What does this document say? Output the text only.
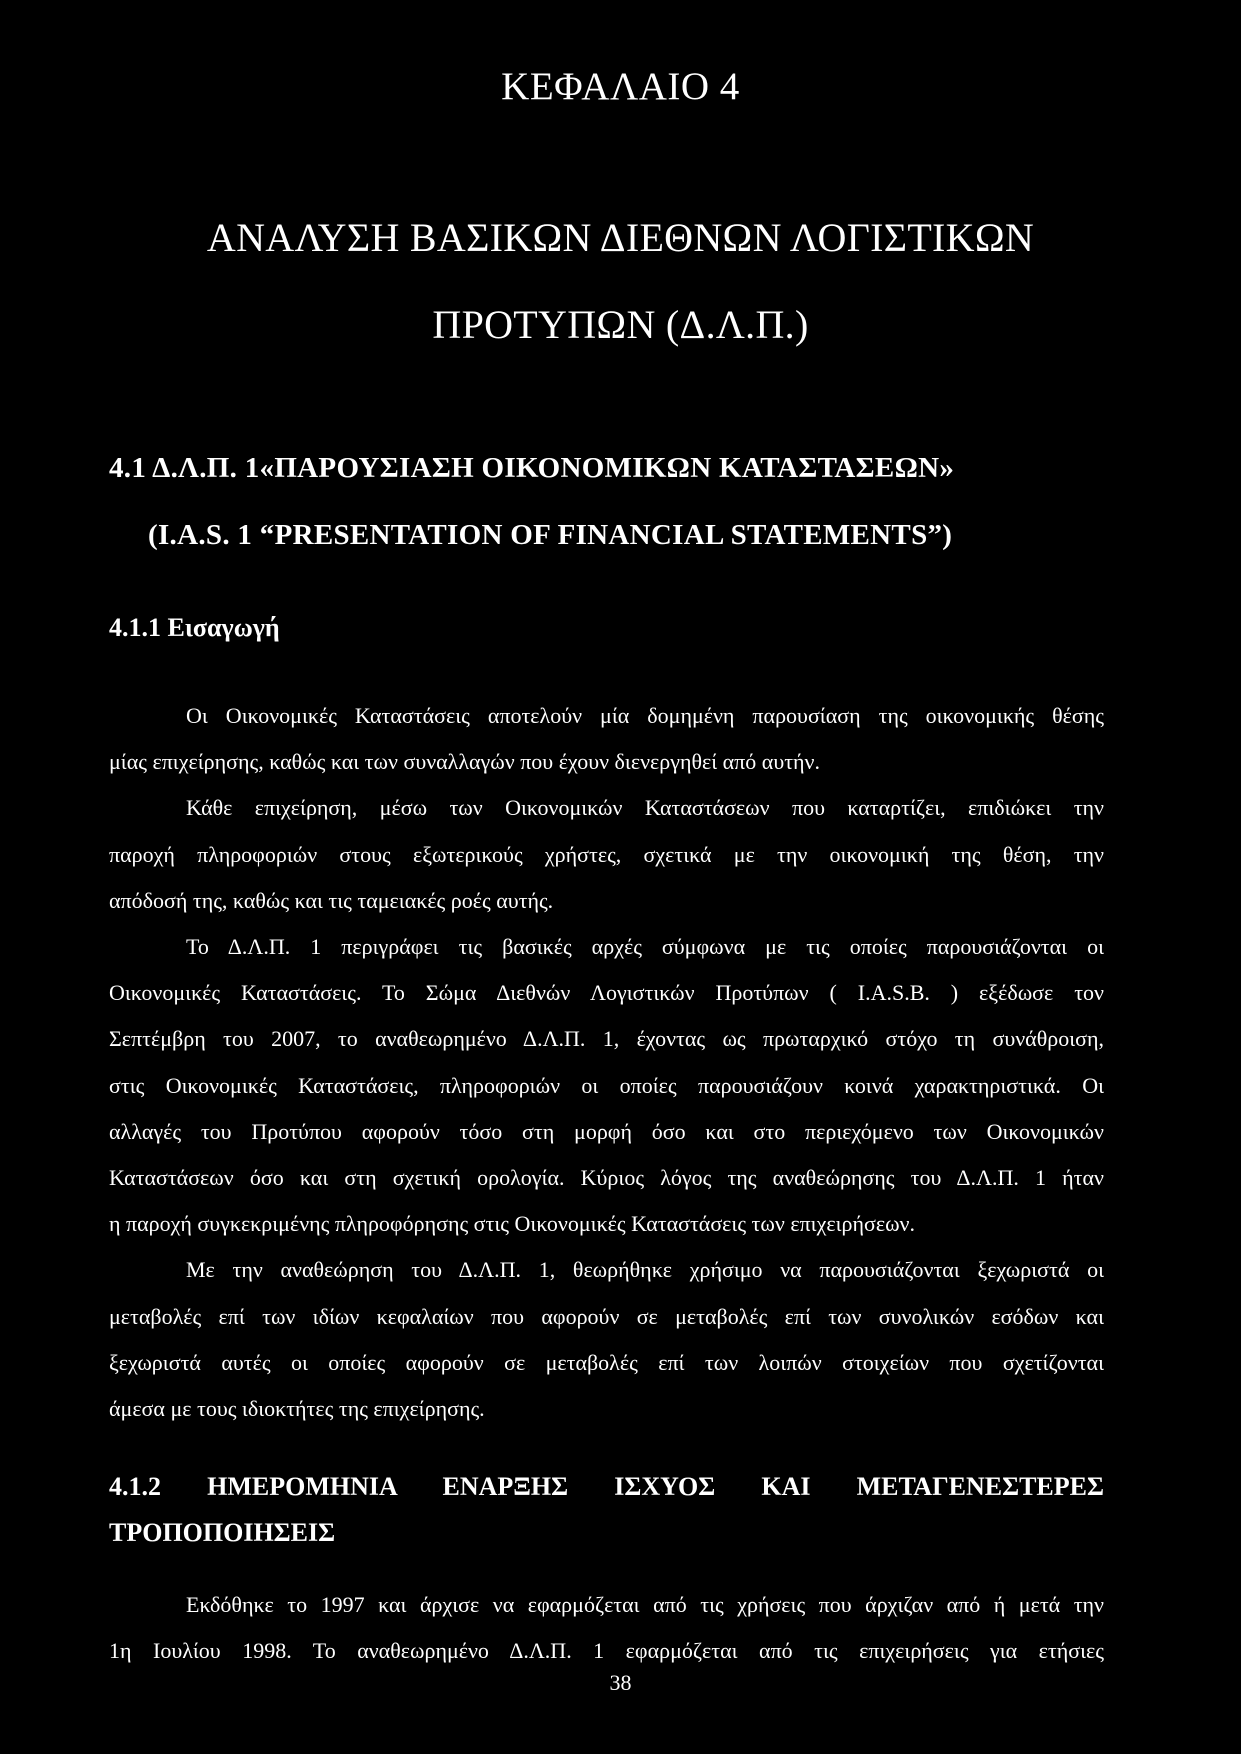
ΚΕΦΑΛΑΙΟ 4
ΑΝΑΛΥΣΗ ΒΑΣΙΚΩΝ ΔΙΕΘΝΩΝ ΛΟΓΙΣΤΙΚΩΝ
ΠΡΟΤΥΠΩΝ (Δ.Λ.Π.)
4.1 Δ.Λ.Π. 1«ΠΑΡΟΥΣΙΑΣΗ ΟΙΚΟΝΟΜΙΚΩΝ ΚΑΤΑΣΤΑΣΕΩΝ»
(I.A.S. 1 “PRESENTATION OF FINANCIAL STATEMENTS”)
4.1.1 Εισαγωγή
Οι Οικονομικές Καταστάσεις αποτελούν μία δομημένη παρουσίαση της οικονομικής θέσης
μίας επιχείρησης, καθώς και των συναλλαγών που έχουν διενεργηθεί από αυτήν.
Κάθε επιχείρηση, μέσω των Οικονομικών Καταστάσεων που καταρτίζει, επιδιώκει την
παροχή πληροφοριών στους εξωτερικούς χρήστες, σχετικά με την οικονομική της θέση, την
απόδοσή της, καθώς και τις ταμειακές ροές αυτής.
Το Δ.Λ.Π. 1 περιγράφει τις βασικές αρχές σύμφωνα με τις οποίες παρουσιάζονται οι
Οικονομικές Καταστάσεις. Το Σώμα Διεθνών Λογιστικών Προτύπων ( I.A.S.B. ) εξέδωσε τον
Σεπτέμβρη του 2007, το αναθεωρημένο Δ.Λ.Π. 1, έχοντας ως πρωταρχικό στόχο τη συνάθροιση,
στις Οικονομικές Καταστάσεις, πληροφοριών οι οποίες παρουσιάζουν κοινά χαρακτηριστικά. Οι
αλλαγές του Προτύπου αφορούν τόσο στη μορφή όσο και στο περιεχόμενο των Οικονομικών
Καταστάσεων όσο και στη σχετική ορολογία. Κύριος λόγος της αναθεώρησης του Δ.Λ.Π. 1 ήταν
η παροχή συγκεκριμένης πληροφόρησης στις Οικονομικές Καταστάσεις των επιχειρήσεων.
Με την αναθεώρηση του Δ.Λ.Π. 1, θεωρήθηκε χρήσιμο να παρουσιάζονται ξεχωριστά οι
μεταβολές επί των ιδίων κεφαλαίων που αφορούν σε μεταβολές επί των συνολικών εσόδων και
ξεχωριστά αυτές οι οποίες αφορούν σε μεταβολές επί των λοιπών στοιχείων που σχετίζονται
άμεσα με τους ιδιοκτήτες της επιχείρησης.
4.1.2 ΗΜΕΡΟΜΗΝΙΑ ΕΝΑΡΞΗΣ ΙΣΧΥΟΣ ΚΑΙ ΜΕΤΑΓΕΝΕΣΤΕΡΕΣ
ΤΡΟΠΟΠΟΙΗΣΕΙΣ
Εκδόθηκε το 1997 και άρχισε να εφαρμόζεται από τις χρήσεις που άρχιζαν από ή μετά την
1η Ιουλίου 1998. Το αναθεωρημένο Δ.Λ.Π. 1 εφαρμόζεται από τις επιχειρήσεις για ετήσιες
38
